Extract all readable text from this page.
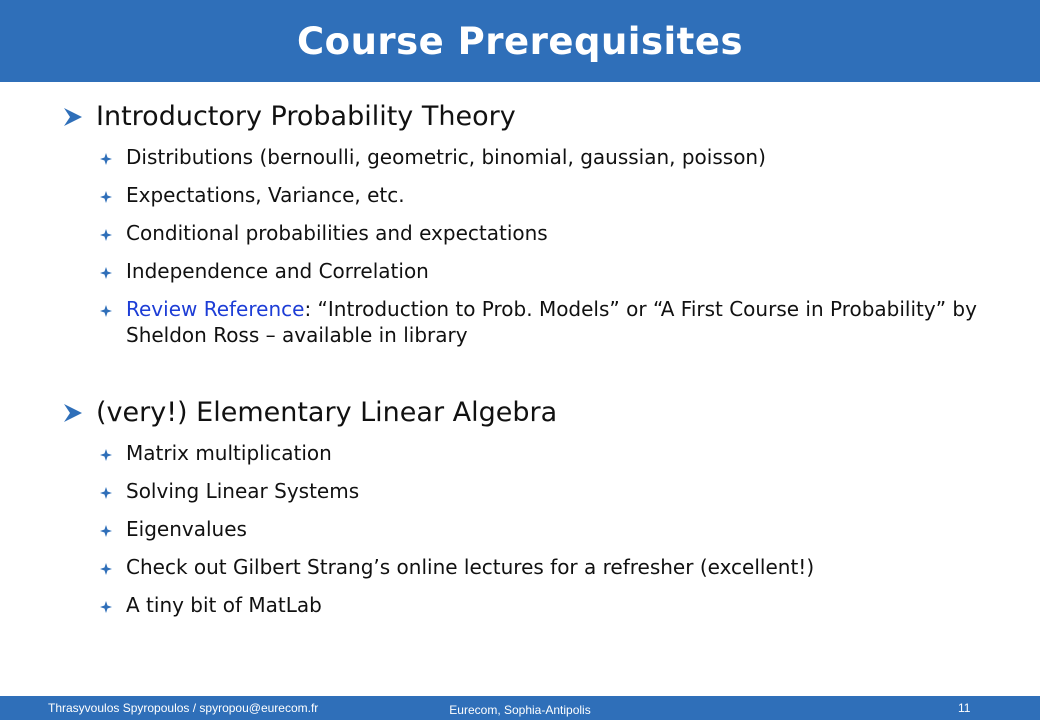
Course Prerequisites
Introductory Probability Theory
Distributions (bernoulli, geometric, binomial, gaussian, poisson)
Expectations, Variance, etc.
Conditional probabilities and expectations
Independence and Correlation
Review Reference: “Introduction to Prob. Models” or “A First Course in Probability” by Sheldon Ross – available in library
(very!) Elementary Linear Algebra
Matrix multiplication
Solving Linear Systems
Eigenvalues
Check out Gilbert Strang’s online lectures for a refresher (excellent!)
A tiny bit of MatLab
Thrasyvoulos Spyropoulos / spyropou@eurecom.fr	Eurecom, Sophia-Antipolis	11
